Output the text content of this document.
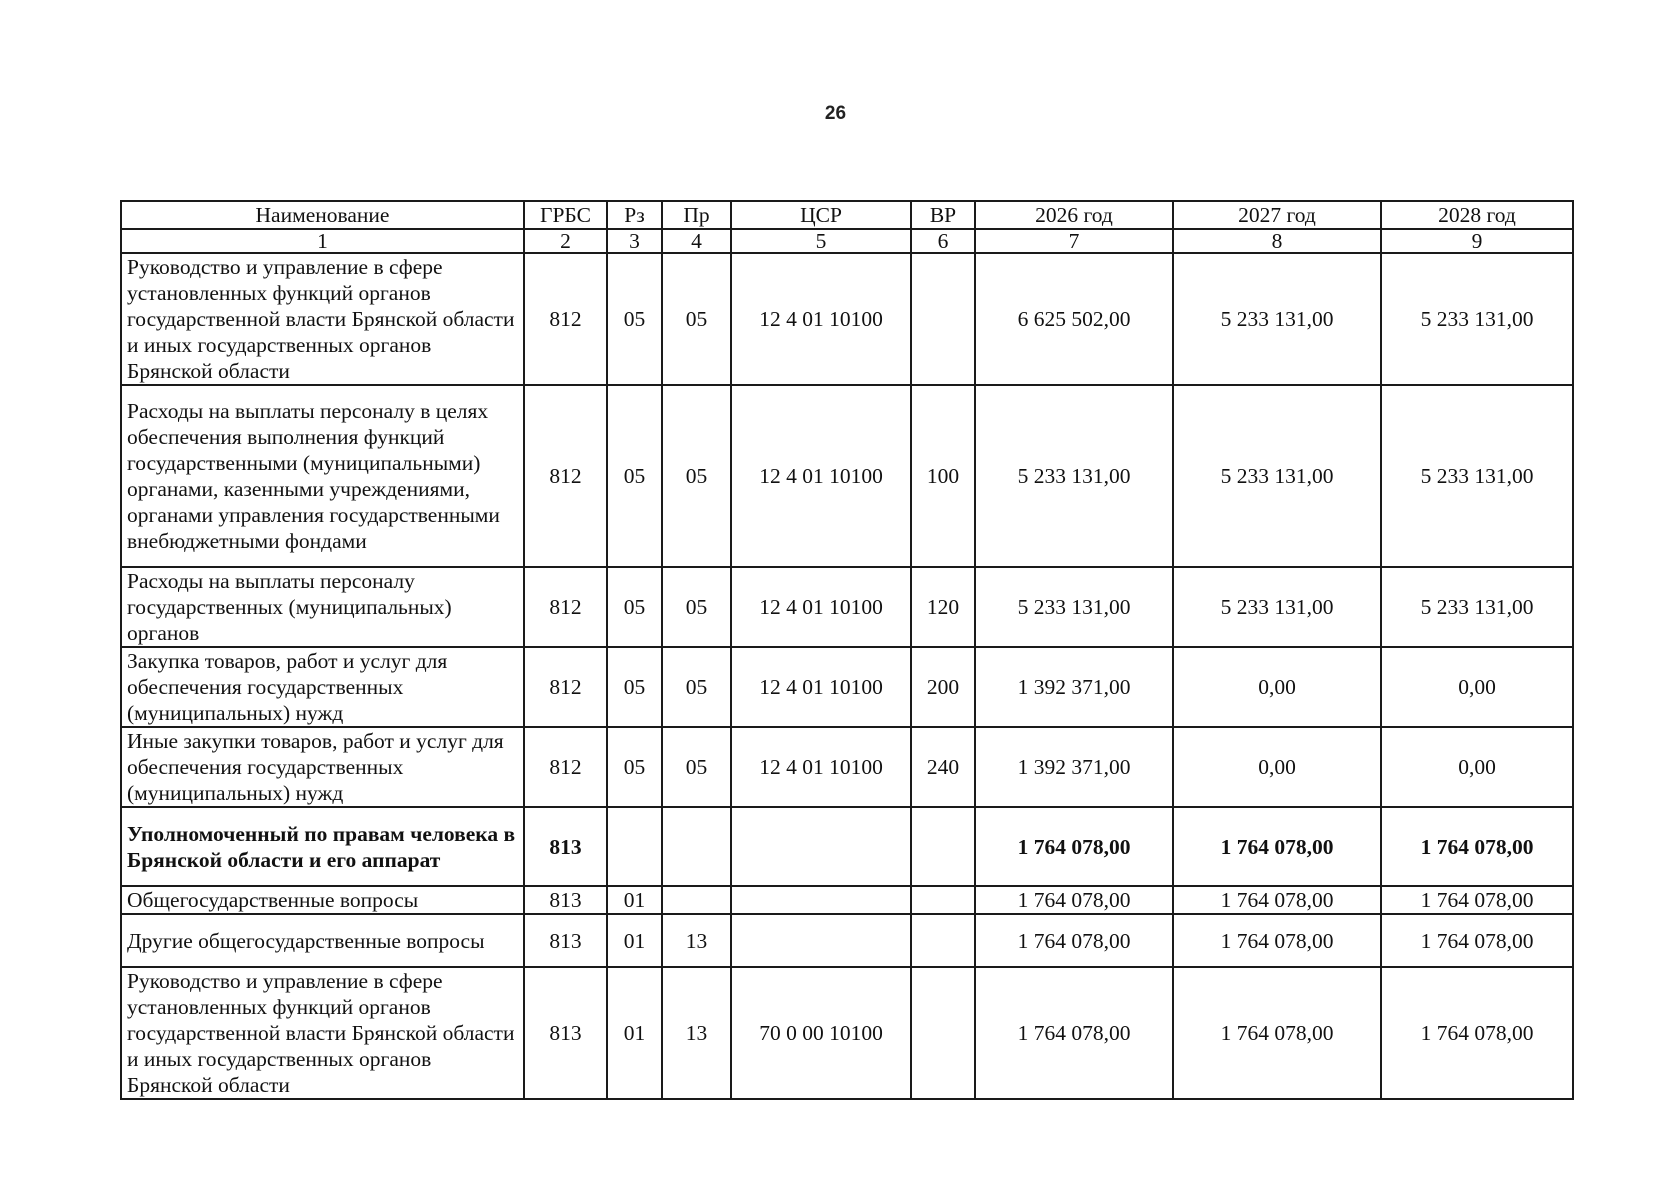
26
Наименование	ГРБС	Рз	Пр	ЦСР	ВР	2026 год	2027 год	2028 год
1	2	3	4	5	6	7	8	9
Руководство и управление в сфере установленных функций органов государственной власти Брянской области и иных государственных органов Брянской области	812	05	05	12 4 01 10100		6 625 502,00	5 233 131,00	5 233 131,00
Расходы на выплаты персоналу в целях обеспечения выполнения функций государственными (муниципальными) органами, казенными учреждениями, органами управления государственными внебюджетными фондами	812	05	05	12 4 01 10100	100	5 233 131,00	5 233 131,00	5 233 131,00
Расходы на выплаты персоналу государственных (муниципальных) органов	812	05	05	12 4 01 10100	120	5 233 131,00	5 233 131,00	5 233 131,00
Закупка товаров, работ и услуг для обеспечения государственных (муниципальных) нужд	812	05	05	12 4 01 10100	200	1 392 371,00	0,00	0,00
Иные закупки товаров, работ и услуг для обеспечения государственных (муниципальных) нужд	812	05	05	12 4 01 10100	240	1 392 371,00	0,00	0,00
Уполномоченный по правам человека в Брянской области и его аппарат	813					1 764 078,00	1 764 078,00	1 764 078,00
Общегосударственные вопросы	813	01				1 764 078,00	1 764 078,00	1 764 078,00
Другие общегосударственные вопросы	813	01	13			1 764 078,00	1 764 078,00	1 764 078,00
Руководство и управление в сфере установленных функций органов государственной власти Брянской области и иных государственных органов Брянской области	813	01	13	70 0 00 10100		1 764 078,00	1 764 078,00	1 764 078,00
